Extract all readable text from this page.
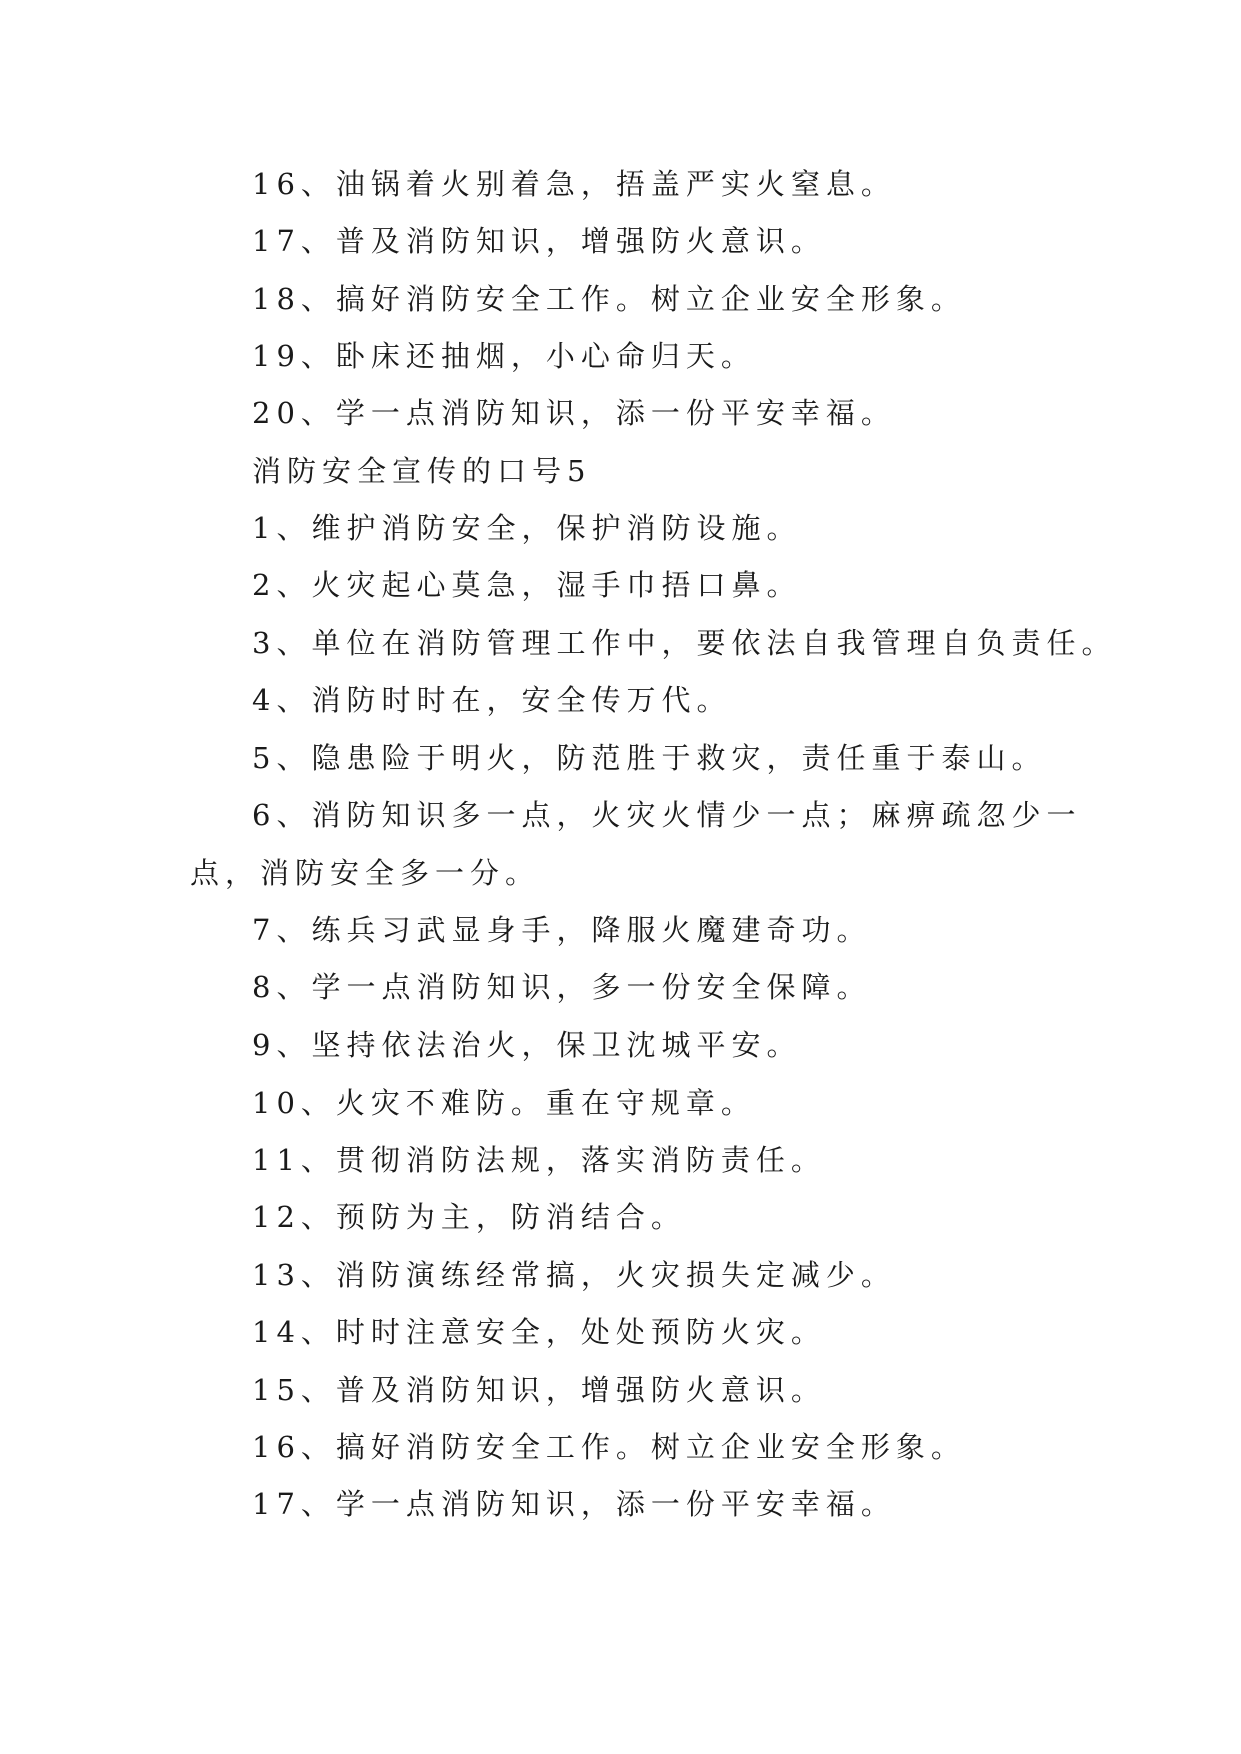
16、油锅着火别着急，捂盖严实火窒息。
17、普及消防知识，增强防火意识。
18、搞好消防安全工作。树立企业安全形象。
19、卧床还抽烟，小心命归天。
20、学一点消防知识，添一份平安幸福。
消防安全宣传的口号5
1、维护消防安全，保护消防设施。
2、火灾起心莫急，湿手巾捂口鼻。
3、单位在消防管理工作中，要依法自我管理自负责任。
4、消防时时在，安全传万代。
5、隐患险于明火，防范胜于救灾，责任重于泰山。
6、消防知识多一点，火灾火情少一点；麻痹疏忽少一
点，消防安全多一分。
7、练兵习武显身手，降服火魔建奇功。
8、学一点消防知识，多一份安全保障。
9、坚持依法治火，保卫沈城平安。
10、火灾不难防。重在守规章。
11、贯彻消防法规，落实消防责任。
12、预防为主，防消结合。
13、消防演练经常搞，火灾损失定减少。
14、时时注意安全，处处预防火灾。
15、普及消防知识，增强防火意识。
16、搞好消防安全工作。树立企业安全形象。
17、学一点消防知识，添一份平安幸福。
